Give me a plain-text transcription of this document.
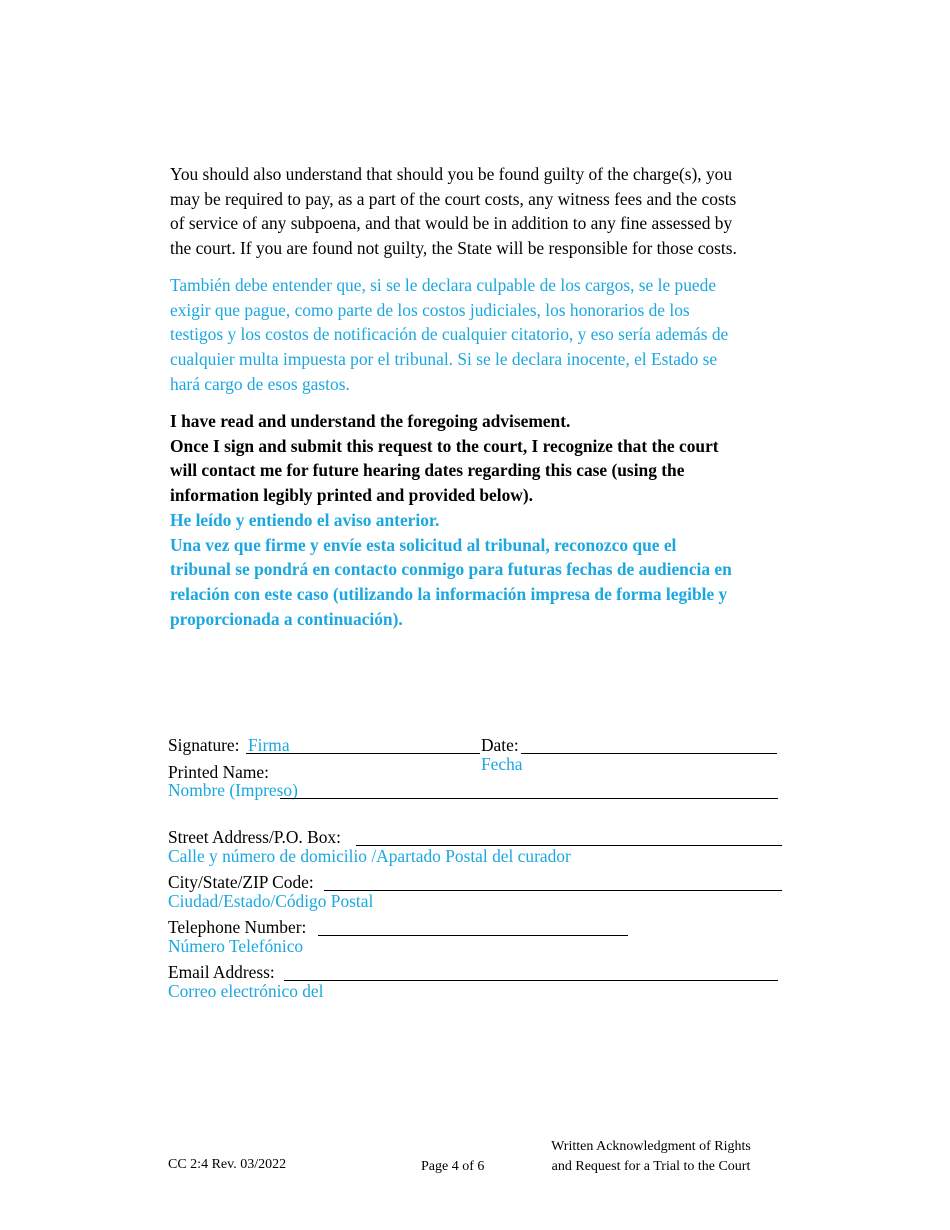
You should also understand that should you be found guilty of the charge(s), you
may be required to pay, as a part of the court costs, any witness fees and the costs
of service of any subpoena, and that would be in addition to any fine assessed by
the court. If you are found not guilty, the State will be responsible for those costs.

También debe entender que, si se le declara culpable de los cargos, se le puede
exigir que pague, como parte de los costos judiciales, los honorarios de los
testigos y los costos de notificación de cualquier citatorio, y eso sería además de
cualquier multa impuesta por el tribunal. Si se le declara inocente, el Estado se
hará cargo de esos gastos.

I have read and understand the foregoing advisement.
Once I sign and submit this request to the court, I recognize that the court
will contact me for future hearing dates regarding this case (using the
information legibly printed and provided below).

He leído y entiendo el aviso anterior.
Una vez que firme y envíe esta solicitud al tribunal, reconozco que el
tribunal se pondrá en contacto conmigo para futuras fechas de audiencia en
relación con este caso (utilizando la información impresa de forma legible y
proporcionada a continuación).

Signature: Firma	Date:
Fecha
Printed Name:
Nombre (Impreso)
Street Address/P.O. Box:
Calle y número de domicilio /Apartado Postal del curador
City/State/ZIP Code:
Ciudad/Estado/Código Postal
Telephone Number:
Número Telefónico
Email Address:
Correo electrónico del
CC 2:4 Rev. 03/2022	Page 4 of 6
Written Acknowledgment of Rights
and Request for a Trial to the Court
